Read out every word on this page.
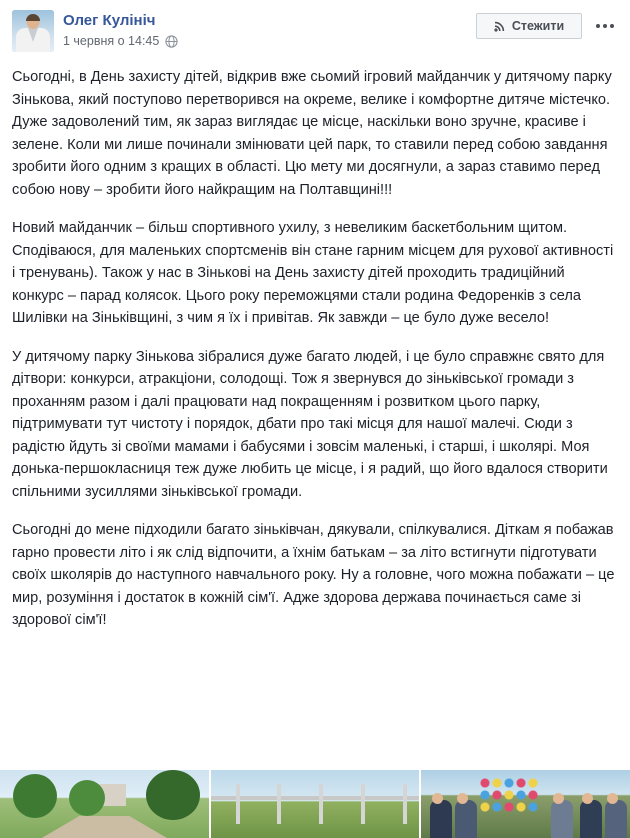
Олег Кулініч
1 червня о 14:45
Стежити

Сьогодні, в День захисту дітей, відкрив вже сьомий ігровий майданчик у дитячому парку Зінькова, який поступово перетворився на окреме, велике і комфортне дитяче містечко. Дуже задоволений тим, як зараз виглядає це місце, наскільки воно зручне, красиве і зелене. Коли ми лише починали змінювати цей парк, то ставили перед собою завдання зробити його одним з кращих в області. Цю мету ми досягнули, а зараз ставимо перед собою нову – зробити його найкращим на Полтавщині!!!

Новий майданчик – більш спортивного ухилу, з невеликим баскетбольним щитом. Сподіваюся, для маленьких спортсменів він стане гарним місцем для рухової активності і тренувань). Також у нас в Зінькові на День захисту дітей проходить традиційний конкурс – парад колясок. Цього року переможцями стали родина Федоренків з села Шилівки на Зіньківщині, з чим я їх і привітав. Як завжди – це було дуже весело!

У дитячому парку Зінькова зібралися дуже багато людей, і це було справжнє свято для дітвори: конкурси, атракціони, солодощі. Тож я звернувся до зіньківської громади з проханням разом і далі працювати над покращенням і розвитком цього парку, підтримувати тут чистоту і порядок, дбати про такі місця для нашої малечі. Сюди з радістю йдуть зі своїми мамами і бабусями і зовсім маленькі, і старші, і школярі. Моя донька-першокласниця теж дуже любить це місце, і я радий, що його вдалося створити спільними зусиллями зіньківської громади.

Сьогодні до мене підходили багато зіньківчан, дякували, спілкувалися. Діткам я побажав гарно провести літо і як слід відпочити, а їхнім батькам – за літо встигнути підготувати своїх школярів до наступного навчального року. Ну а головне, чого можна побажати – це мир, розуміння і достаток в кожній сім'ї. Адже здорова держава починається саме зі здорової сім'ї!
